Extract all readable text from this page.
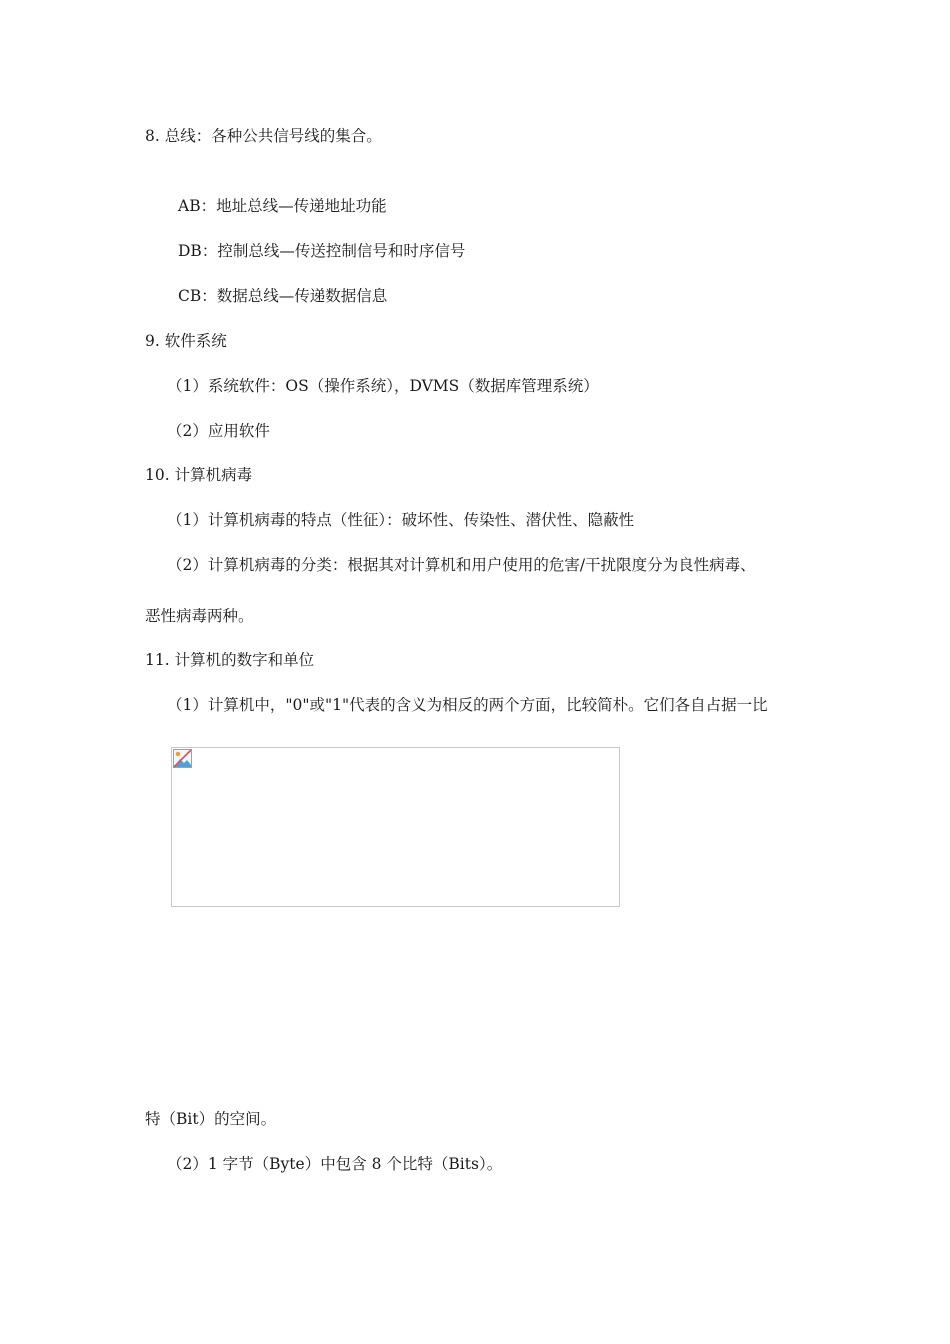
8. 总线：各种公共信号线的集合。
AB：地址总线—传递地址功能
DB：控制总线—传送控制信号和时序信号
CB：数据总线—传递数据信息
9. 软件系统
（1）系统软件：OS（操作系统），DVMS（数据库管理系统）
（2）应用软件
10. 计算机病毒
（1）计算机病毒的特点（性征）：破坏性、传染性、潜伏性、隐蔽性
（2）计算机病毒的分类：根据其对计算机和用户使用的危害/干扰限度分为良性病毒、
恶性病毒两种。
11. 计算机的数字和单位
（1）计算机中，"0"或"1"代表的含义为相反的两个方面，比较简朴。它们各自占据一比
特（Bit）的空间。
（2）1 字节（Byte）中包含 8 个比特（Bits）。
